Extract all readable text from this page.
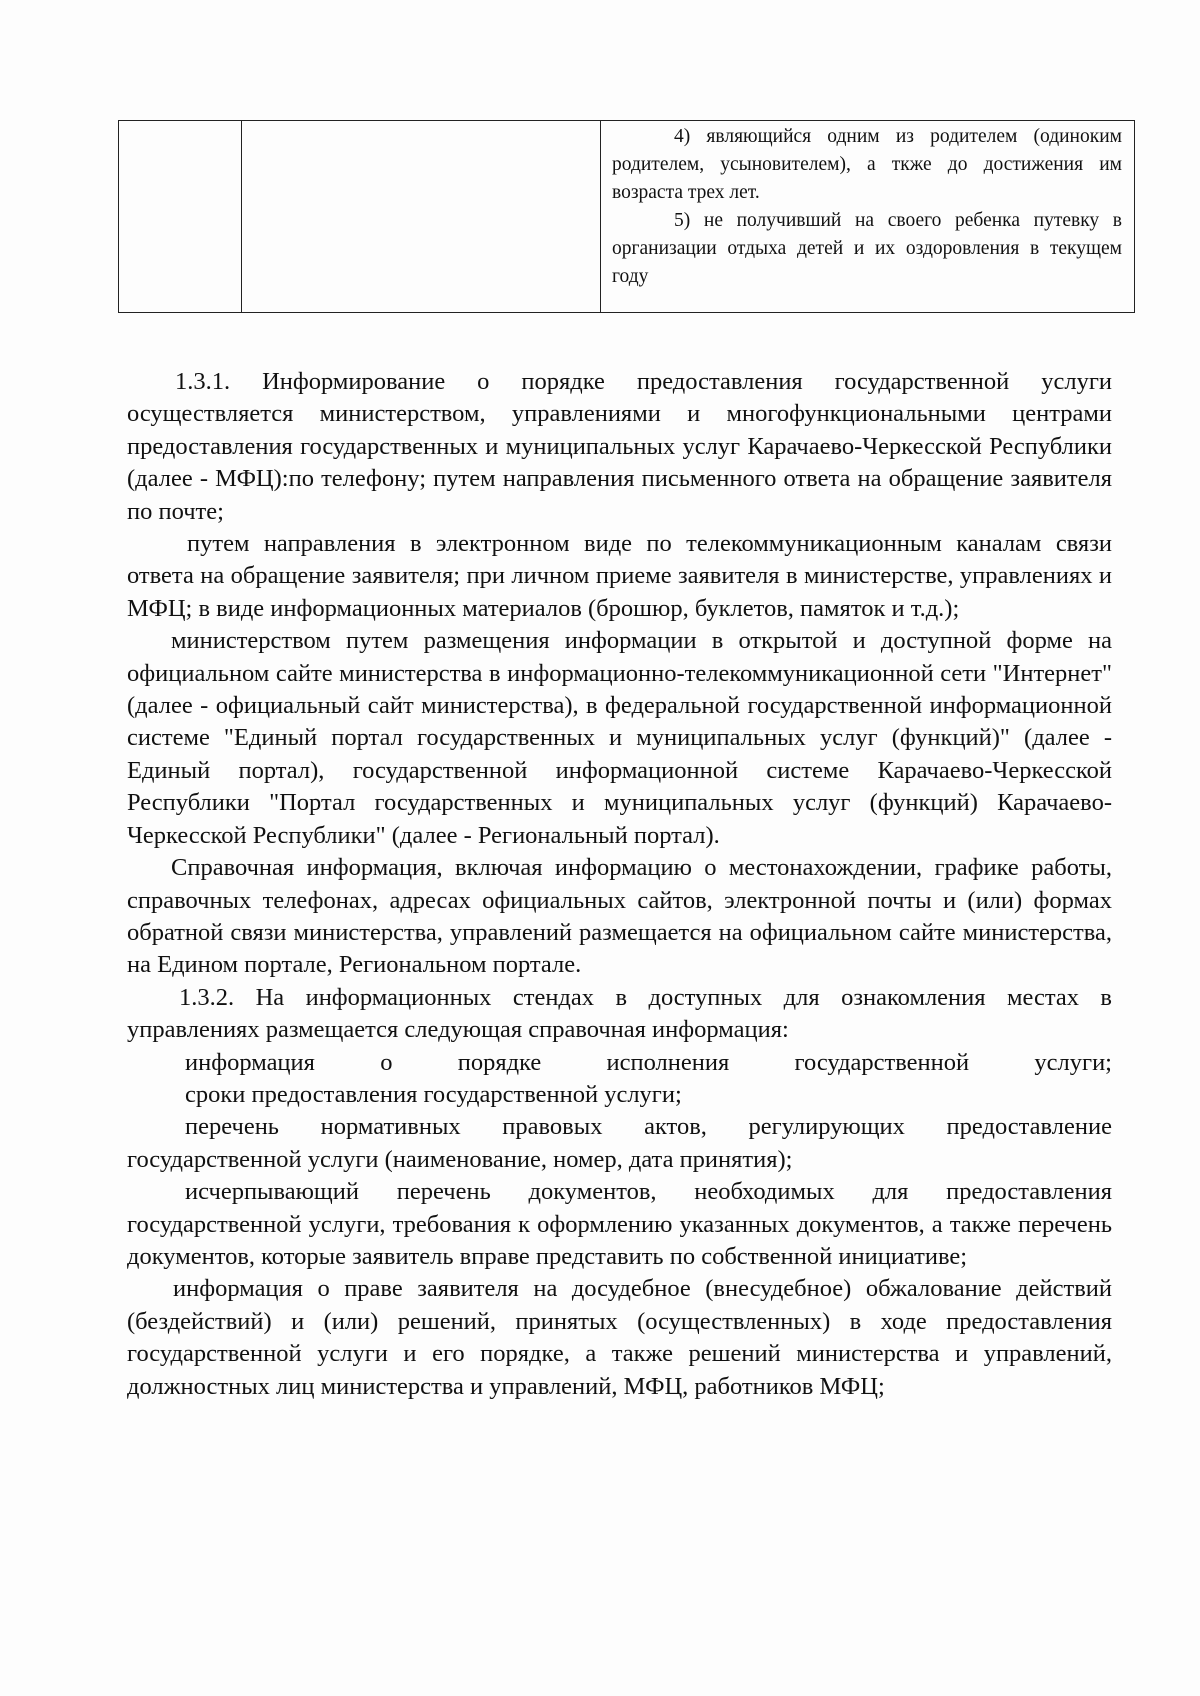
4) являющийся одним из родителем (одиноким родителем, усыновителем), а ткже до достижения им возраста трех лет.

5) не получивший на своего ребенка путевку в организации отдыха детей и их оздоровления в текущем году

1.3.1. Информирование о порядке предоставления государственной услуги осуществляется министерством, управлениями и многофункциональными центрами предоставления государственных и муниципальных услуг Карачаево-Черкесской Республики (далее - МФЦ):по телефону; путем направления письменного ответа на обращение заявителя по почте;

путем направления в электронном виде по телекоммуникационным каналам связи ответа на обращение заявителя; при личном приеме заявителя в министерстве, управлениях и МФЦ; в виде информационных материалов (брошюр, буклетов, памяток и т.д.);

министерством путем размещения информации в открытой и доступной форме на официальном сайте министерства в информационно-телекоммуникационной сети "Интернет" (далее - официальный сайт министерства), в федеральной государственной информационной системе "Единый портал государственных и муниципальных услуг (функций)" (далее - Единый портал), государственной информационной системе Карачаево-Черкесской Республики "Портал государственных и муниципальных услуг (функций) Карачаево-Черкесской Республики" (далее - Региональный портал).

Справочная информация, включая информацию о местонахождении, графике работы, справочных телефонах, адресах официальных сайтов, электронной почты и (или) формах обратной связи министерства, управлений размещается на официальном сайте министерства, на Едином портале, Региональном портале.

1.3.2. На информационных стендах в доступных для ознакомления местах в управлениях размещается следующая справочная информация:

информация о порядке исполнения государственной услуги;

сроки предоставления государственной услуги;

перечень нормативных правовых актов, регулирующих предоставление государственной услуги (наименование, номер, дата принятия);

исчерпывающий перечень документов, необходимых для предоставления государственной услуги, требования к оформлению указанных документов, а также перечень документов, которые заявитель вправе представить по собственной инициативе;

информация о праве заявителя на досудебное (внесудебное) обжалование действий (бездействий) и (или) решений, принятых (осуществленных) в ходе предоставления государственной услуги и его порядке, а также решений министерства и управлений, должностных лиц министерства и управлений, МФЦ, работников МФЦ;
